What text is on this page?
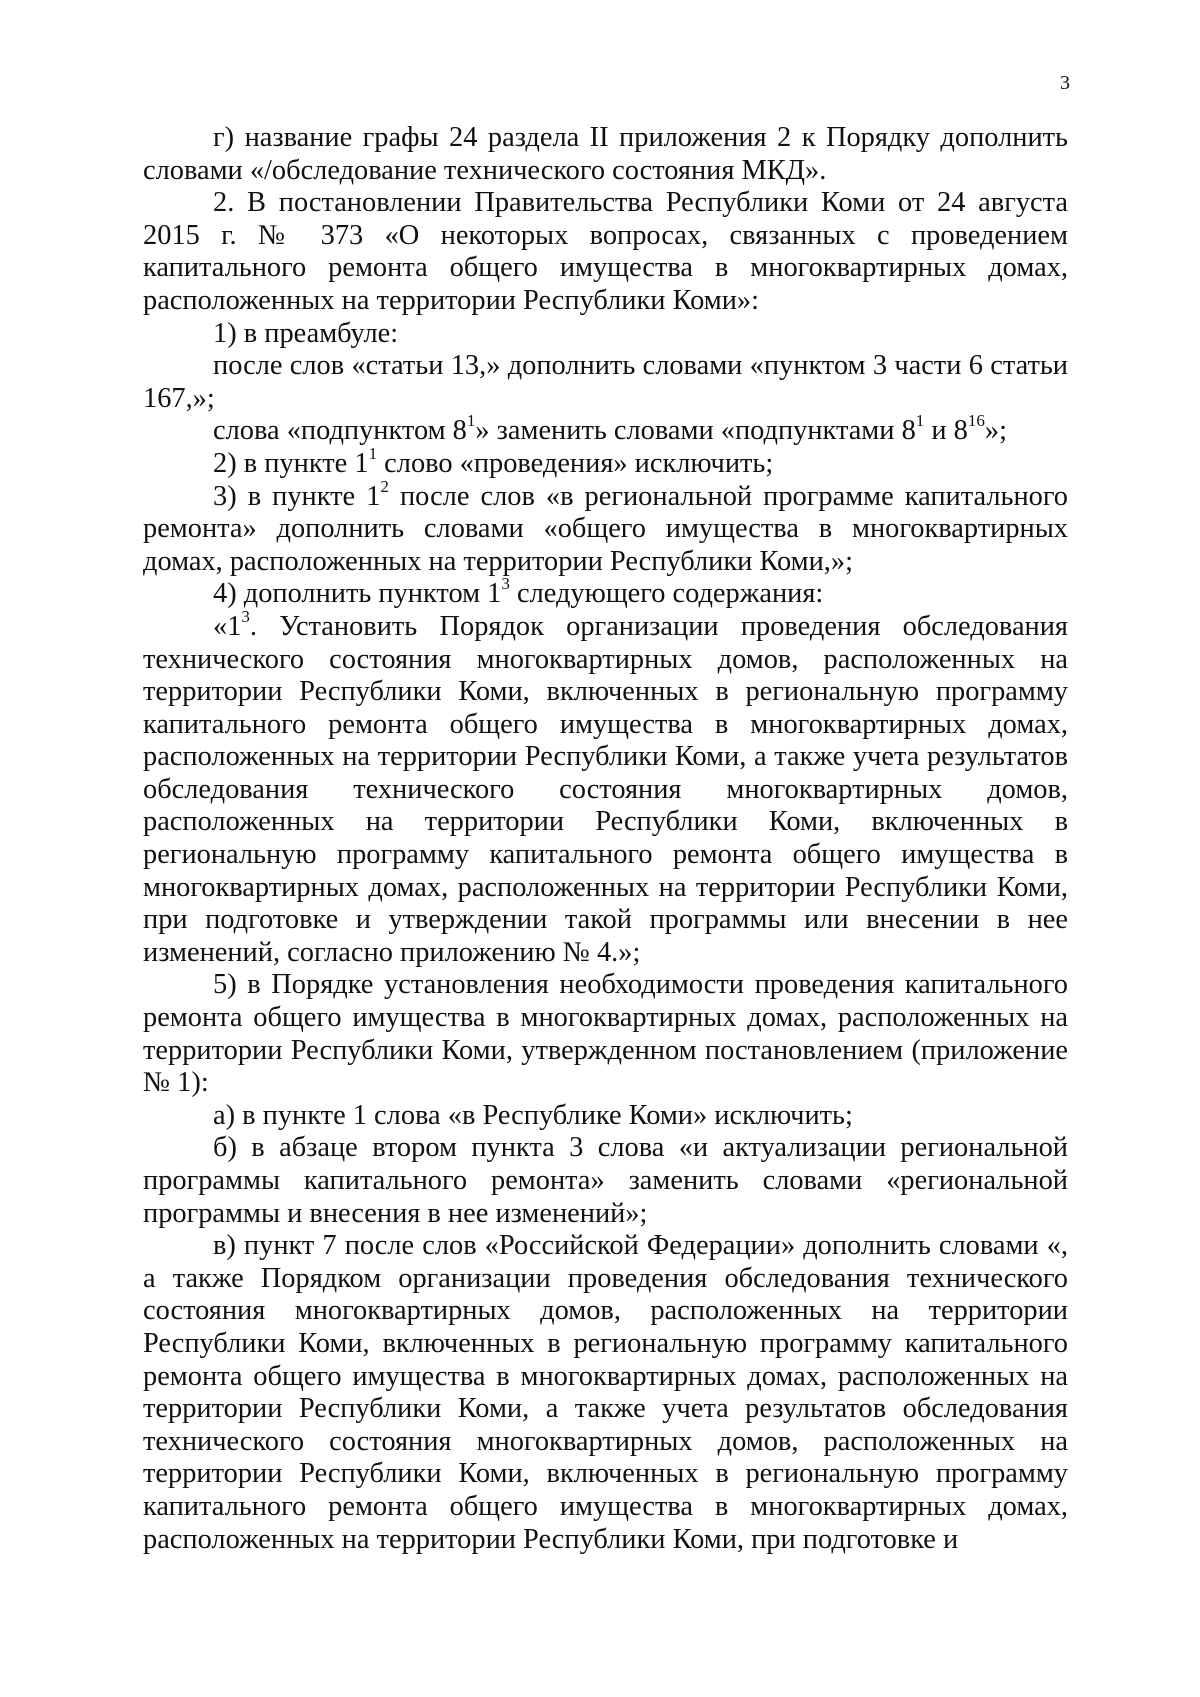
3

г) название графы 24 раздела II приложения 2 к Порядку дополнить словами «/обследование технического состояния МКД».

2. В постановлении Правительства Республики Коми от 24 августа 2015 г. № 373 «О некоторых вопросах, связанных с проведением капитального ремонта общего имущества в многоквартирных домах, расположенных на территории Республики Коми»:

1) в преамбуле:

после слов «статьи 13,» дополнить словами «пунктом 3 части 6 статьи 167,»;

слова «подпунктом $8^1$» заменить словами «подпунктами $8^1$ и $8^{16}$»;

2) в пункте $1^1$ слово «проведения» исключить;

3) в пункте $1^2$ после слов «в региональной программе капитального ремонта» дополнить словами «общего имущества в многоквартирных домах, расположенных на территории Республики Коми,»;

4) дополнить пунктом $1^3$ следующего содержания:

«$1^3$. Установить Порядок организации проведения обследования технического состояния многоквартирных домов, расположенных на территории Республики Коми, включенных в региональную программу капитального ремонта общего имущества в многоквартирных домах, расположенных на территории Республики Коми, а также учета результатов обследования технического состояния многоквартирных домов, расположенных на территории Республики Коми, включенных в региональную программу капитального ремонта общего имущества в многоквартирных домах, расположенных на территории Республики Коми, при подготовке и утверждении такой программы или внесении в нее изменений, согласно приложению № 4.»;

5) в Порядке установления необходимости проведения капитального ремонта общего имущества в многоквартирных домах, расположенных на территории Республики Коми, утвержденном постановлением (приложение № 1):

а) в пункте 1 слова «в Республике Коми» исключить;

б) в абзаце втором пункта 3 слова «и актуализации региональной программы капитального ремонта» заменить словами «региональной программы и внесения в нее изменений»;

в) пункт 7 после слов «Российской Федерации» дополнить словами «, а также Порядком организации проведения обследования технического состояния многоквартирных домов, расположенных на территории Республики Коми, включенных в региональную программу капитального ремонта общего имущества в многоквартирных домах, расположенных на территории Республики Коми, а также учета результатов обследования технического состояния многоквартирных домов, расположенных на территории Республики Коми, включенных в региональную программу капитального ремонта общего имущества в многоквартирных домах, расположенных на территории Республики Коми, при подготовке и
